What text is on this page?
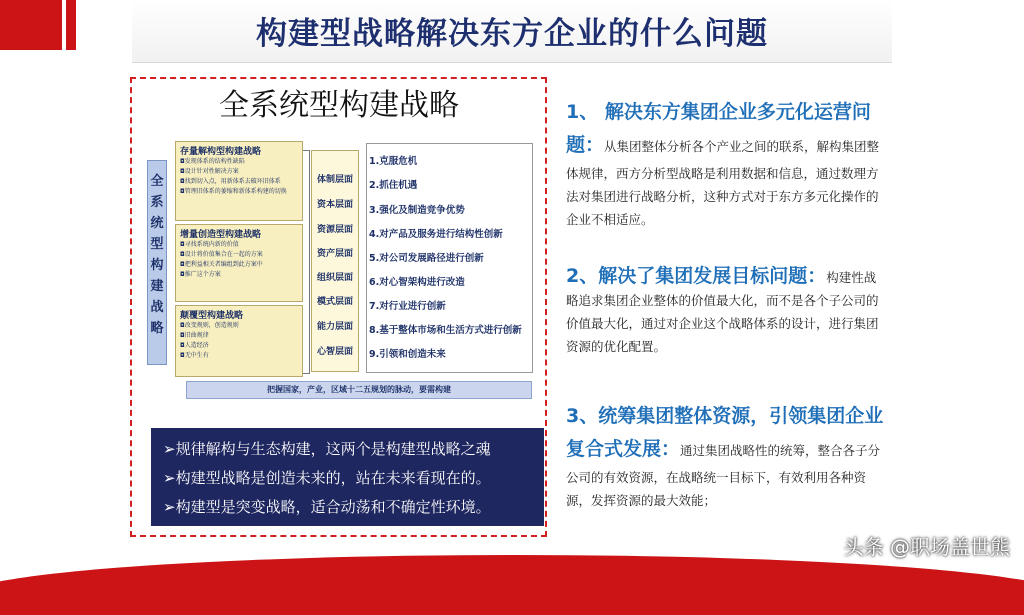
构建型战略解决东方企业的什么问题
全系统型构建战略
全
系
统
型
构
建
战
略
存量解构型构建战略
◘发现体系的结构性缺陷
◘设计针对性解决方案
◘找到切入点，用新体系去破坏旧体系
◘管理旧体系的萎缩和新体系构建的切换
增量创造型构建战略
◘寻找系统内新的价值
◘设计将价值集合在一起的方案
◘把利益相关者编组到此方案中
◘推广这个方案
颠覆型构建战略
◘改变规则，创造规则
◘旧曲规律
◘人造经济
◘无中生有
体制层面
资本层面
资源层面
资产层面
组织层面
模式层面
能力层面
心智层面
1.克服危机
2.抓住机遇
3.强化及制造竞争优势
4.对产品及服务进行结构性创新
5.对公司发展路径进行创新
6.对心智架构进行改造
7.对行业进行创新
8.基于整体市场和生活方式进行创新
9.引领和创造未来
把握国家，产业，区域十二五规划的脉动，要需构建
➢规律解构与生态构建，这两个是构建型战略之魂
➢构建型战略是创造未来的，站在未来看现在的。
➢构建型是突变战略，适合动荡和不确定性环境。
1、 解决东方集团企业多元化运营问题：从集团整体分析各个产业之间的联系，解构集团整体规律，西方分析型战略是利用数据和信息，通过数理方法对集团进行战略分析，这种方式对于东方多元化操作的企业不相适应。
2、解决了集团发展目标问题：构建性战略追求集团企业整体的价值最大化，而不是各个子公司的价值最大化，通过对企业这个战略体系的设计，进行集团资源的优化配置。
3、统筹集团整体资源，引领集团企业复合式发展：通过集团战略性的统筹，整合各子分公司的有效资源，在战略统一目标下，有效利用各种资源，发挥资源的最大效能；
头条 @职场盖世熊
